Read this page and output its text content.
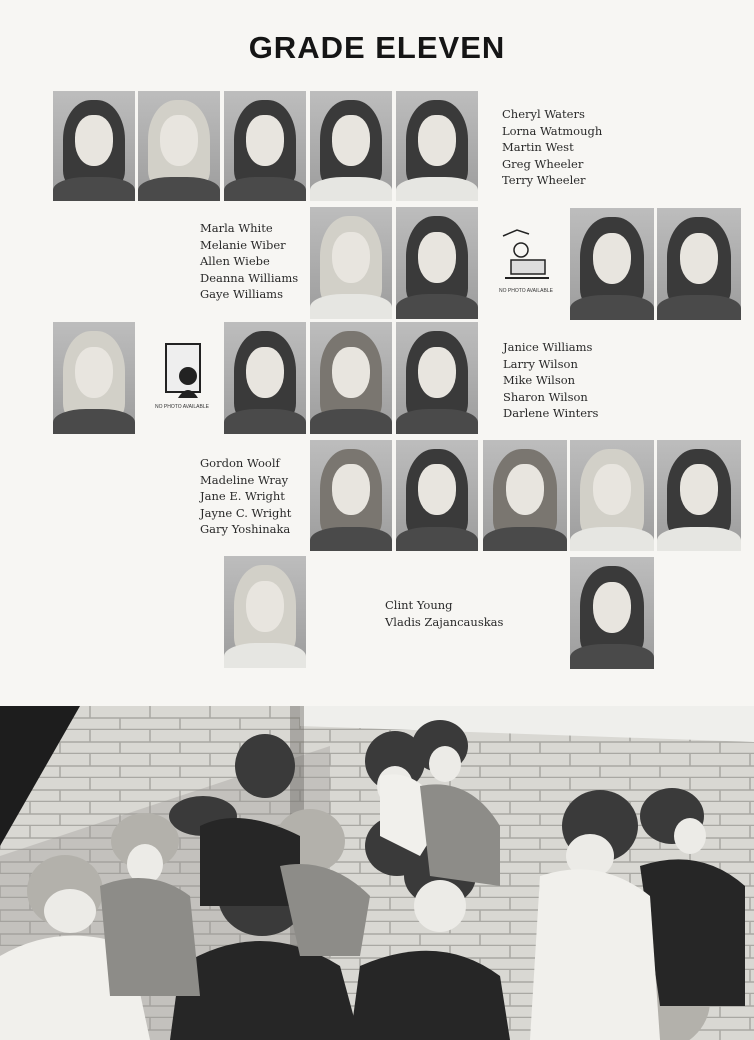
GRADE ELEVEN
Cheryl Waters
Lorna Watmough
Martin West
Greg Wheeler
Terry Wheeler
Marla White
Melanie Wiber
Allen Wiebe
Deanna Williams
Gaye Williams	NO PHOTO AVAILABLE
NO PHOTO AVAILABLE
Janice Williams
Larry Wilson
Mike Wilson
Sharon Wilson
Darlene Winters
Gordon Woolf
Madeline Wray
Jane E. Wright
Jayne C. Wright
Gary Yoshinaka
Clint Young
Vladis Zajancauskas
